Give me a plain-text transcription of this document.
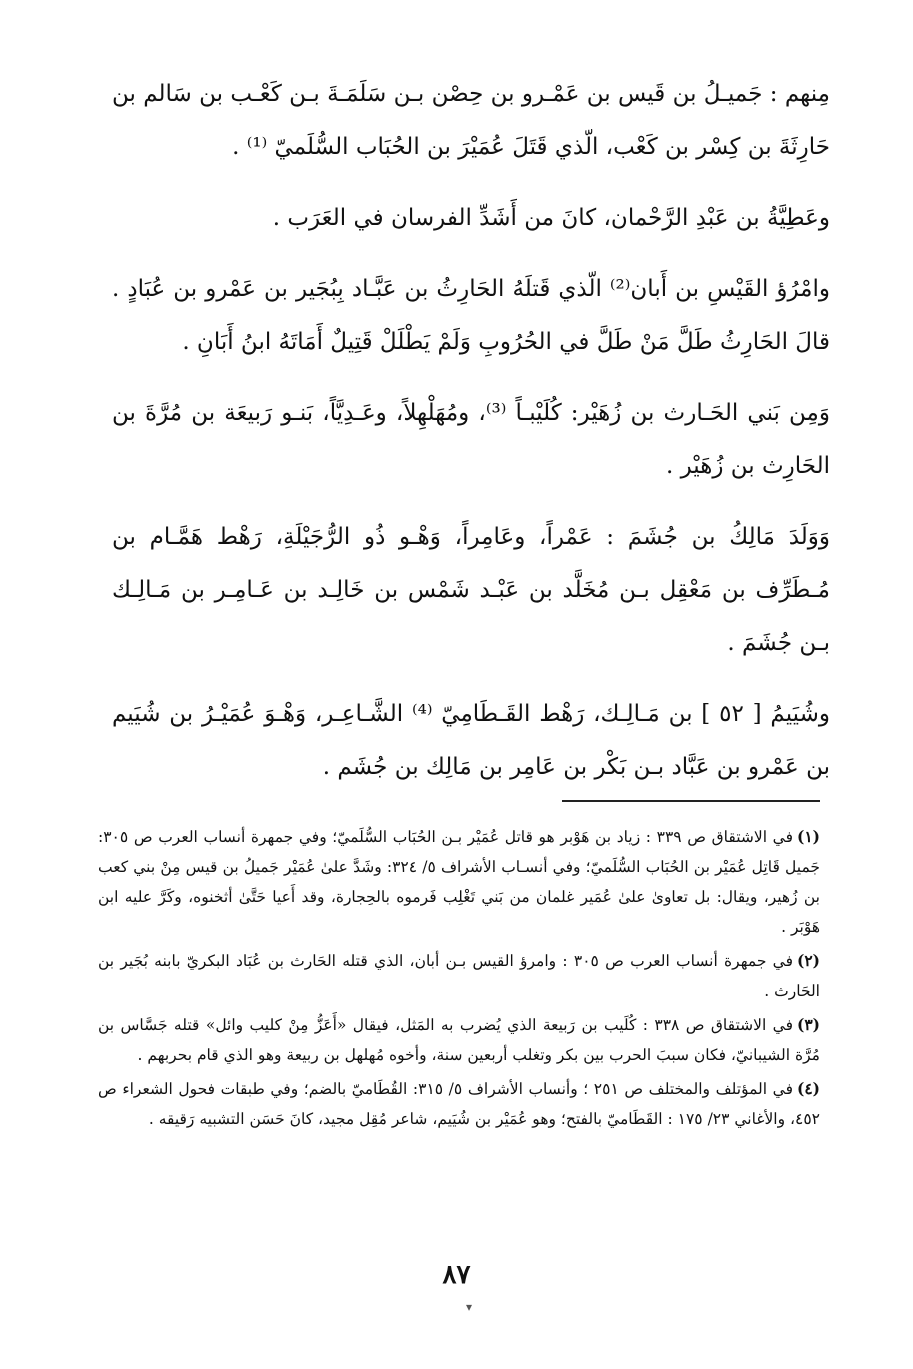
مِنهم : جَميـلُ بن قَيس بن عَمْـرو بن حِصْن بـن سَلَمَـةَ بـن كَعْـب بن سَالم بن حَارِثَةَ بن كِسْر بن كَعْب، الّذي قَتَلَ عُمَيْرَ بن الحُبَاب السُّلَميّ ⁽¹⁾ .

وعَطِيَّةُ بن عَبْدِ الرَّحْمان، كانَ من أَشَدِّ الفرسان في العَرَب .

وامْرُؤ القَيْسِ بن أَبان⁽²⁾ الّذي قَتلَهُ الحَارِثُ بن عَبَّـاد بِبُجَير بن عَمْرو بن عُبَادٍ . قالَ الحَارِثُ طَلَّ مَنْ طَلَّ في الحُرُوبِ وَلَمْ يَطْلَلْ قَتِيلٌ أَمَاتَهُ ابنُ أَبَانِ .

وَمِن بَني الحَـارث بن زُهَيْر: كُلَيْبـاً ⁽³⁾، ومُهَلْهِلاً، وعَـدِيَّاً، بَنـو رَبيعَة بن مُرَّةَ بن الحَارِث بن زُهَيْر .

وَوَلَدَ مَالِكُ بن جُشَمَ : عَمْراً، وعَامِراً، وَهْـو ذُو الرُّجَيْلَةِ، رَهْط هَمَّـام بن مُـطَرِّف بن مَعْقِل بـن مُخَلَّد بن عَبْـد شَمْس بن خَالِـد بن عَـامِـر بن مَـالِـك بـن جُشَمَ .

وشُيَيمُ [ ٥٢ ] بن مَـالِـك، رَهْط القَـطَامِيّ ⁽⁴⁾ الشَّـاعِـر، وَهْـوَ عُمَيْـرُ بن شُيَيم بن عَمْرو بن عَبَّاد بـن بَكْر بن عَامِر بن مَالِك بن جُشَم .

(١)في الاشتقاق ص ٣٣٩ : زياد بن هَوْبر هو قاتل عُمَيْر بـن الحُبَاب السُّلَميّ؛ وفي جمهرة أنساب العرب ص ٣٠٥: جَميل قَاتِل عُمَيْر بن الحُبَاب السُّلَميّ؛ وفي أنسـاب الأشراف ٥/ ٣٢٤: وشَدَّ علىٰ عُمَيْر جَميلُ بن قيس مِنْ بني كعب بن زُهير، ويقال: بل تعاوىٰ علىٰ عُمَير غلمان من بَني تَغْلِب فَرموه بالحِجارة، وقد أَعيا حَتَّىٰ أثخنوه، وكَرَّ عليه ابن هَوْبَر .

(٢)في جمهرة أنساب العرب ص ٣٠٥ : وامرؤ القيس بـن أبان، الذي قتله الحَارث بن عُبَاد البكريّ بابنه بُجَير بن الحَارث .

(٣)في الاشتقاق ص ٣٣٨ : كُلَيب بن رَبيعة الذي يُضرب به المَثل، فيقال «أَعَزُّ مِنْ كليب وائل» قتله جَسَّاس بن مُرَّة الشيبانيّ، فكان سببَ الحرب بين بكر وتغلب أربعين سنة، وأخوه مُهلهل بن ربيعة وهو الذي قام بحربهم .

(٤)في المؤتلف والمختلف ص ٢٥١ ؛ وأنساب الأشراف ٥/ ٣١٥: القُطَاميّ بالضم؛ وفي طبقات فحول الشعراء ص ٤٥٢، والأغاني ٢٣/ ١٧٥ : القَطَاميّ بالفتح؛ وهو عُمَيْر بن شُيَيم، شاعر مُقِل مجيد، كانَ حَسَن التشبيه رَقيقه .

٨٧
▾
